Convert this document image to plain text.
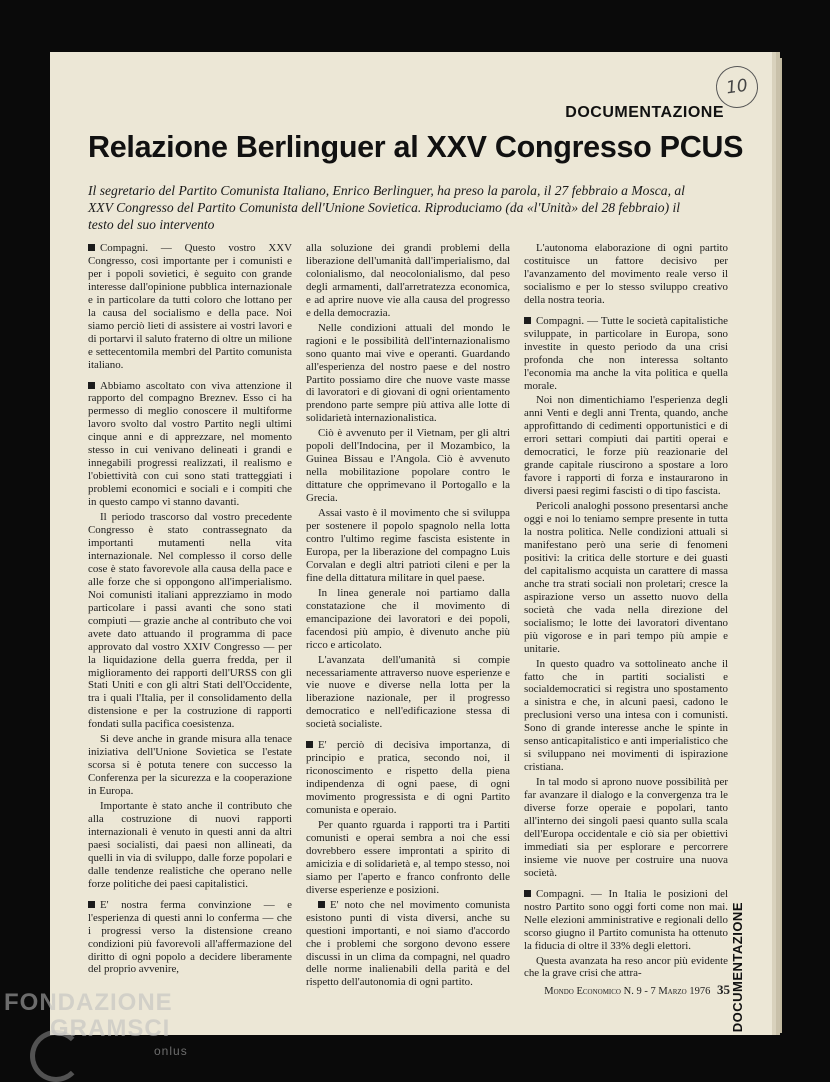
10
DOCUMENTAZIONE
Relazione Berlinguer al XXV Congresso PCUS
Il segretario del Partito Comunista Italiano, Enrico Berlinguer, ha preso la parola, il 27 febbraio a Mosca, al XXV Congresso del Partito Comunista dell'Unione Sovietica. Riproduciamo (da «l'Unità» del 28 febbraio) il testo del suo intervento

Compagni. — Questo vostro XXV Congresso, così importante per i comunisti e per i popoli sovietici, è seguito con grande interesse dall'opinione pubblica internazionale e in particolare da tutti coloro che lottano per la causa del socialismo e della pace. Noi siamo perciò lieti di assistere ai vostri lavori e di portarvi il saluto fraterno di oltre un milione e settecentomila membri del Partito comunista italiano.

Abbiamo ascoltato con viva attenzione il rapporto del compagno Breznev. Esso ci ha permesso di meglio conoscere il multiforme lavoro svolto dal vostro Partito negli ultimi cinque anni e di apprezzare, nel momento stesso in cui venivano delineati i grandi e innegabili progressi realizzati, il realismo e l'obiettività con cui sono stati tratteggiati i problemi economici e sociali e i compiti che in questo campo vi stanno davanti.

Il periodo trascorso dal vostro precedente Congresso è stato contrassegnato da importanti mutamenti nella vita internazionale. Nel complesso il corso delle cose è stato favorevole alla causa della pace e alle forze che si oppongono all'imperialismo. Noi comunisti italiani apprezziamo in modo particolare i passi avanti che sono stati compiuti — grazie anche al contributo che voi avete dato attuando il programma di pace approvato dal vostro XXIV Congresso — per la liquidazione della guerra fredda, per il miglioramento dei rapporti dell'URSS con gli Stati Uniti e con gli altri Stati dell'Occidente, tra i quali l'Italia, per il consolidamento della distensione e per la costruzione di rapporti fondati sulla pacifica coesistenza.

Si deve anche in grande misura alla tenace iniziativa dell'Unione Sovietica se l'estate scorsa si è potuta tenere con successo la Conferenza per la sicurezza e la cooperazione in Europa.

Importante è stato anche il contributo che alla costruzione di nuovi rapporti internazionali è venuto in questi anni da altri paesi socialisti, dai paesi non allineati, da quelli in via di sviluppo, dalle forze popolari e dalle tendenze realistiche che operano nelle forze politiche dei paesi capitalistici.

E' nostra ferma convinzione — e l'esperienza di questi anni lo conferma — che i progressi verso la distensione creano condizioni più favorevoli all'affermazione del diritto di ogni popolo a decidere liberamente del proprio avvenire,

alla soluzione dei grandi problemi della liberazione dell'umanità dall'imperialismo, dal colonialismo, dal neocolonialismo, dal peso degli armamenti, dall'arretratezza economica, e ad aprire nuove vie alla causa del progresso e della democrazia.

Nelle condizioni attuali del mondo le ragioni e le possibilità dell'internazionalismo sono quanto mai vive e operanti. Guardando all'esperienza del nostro paese e del nostro Partito possiamo dire che nuove vaste masse di lavoratori e di giovani di ogni orientamento prendono parte sempre più attiva alle lotte di solidarietà internazionalistica.

Ciò è avvenuto per il Vietnam, per gli altri popoli dell'Indocina, per il Mozambico, la Guinea Bissau e l'Angola. Ciò è avvenuto nella mobilitazione popolare contro le dittature che opprimevano il Portogallo e la Grecia.

Assai vasto è il movimento che si sviluppa per sostenere il popolo spagnolo nella lotta contro l'ultimo regime fascista esistente in Europa, per la liberazione del compagno Luis Corvalan e degli altri patrioti cileni e per la fine della dittatura militare in quel paese.

In linea generale noi partiamo dalla constatazione che il movimento di emancipazione dei lavoratori e dei popoli, facendosi più ampio, è divenuto anche più ricco e articolato.

L'avanzata dell'umanità si compie necessariamente attraverso nuove esperienze e vie nuove e diverse nella lotta per la liberazione nazionale, per il progresso democratico e nell'edificazione stessa di società socialiste.

E' perciò di decisiva importanza, di principio e pratica, secondo noi, il riconoscimento e rispetto della piena indipendenza di ogni paese, di ogni movimento progressista e di ogni Partito comunista e operaio.

Per quanto rguarda i rapporti tra i Partiti comunisti e operai sembra a noi che essi dovrebbero essere improntati a spirito di amicizia e di solidarietà e, al tempo stesso, noi siamo per l'aperto e franco confronto delle diverse esperienze e posizioni.

E' noto che nel movimento comunista esistono punti di vista diversi, anche su questioni importanti, e noi siamo d'accordo che i problemi che sorgono devono essere discussi in un clima da compagni, nel quadro delle norme inalienabili della parità e del rispetto dell'autonomia di ogni partito.

L'autonoma elaborazione di ogni partito costituisce un fattore decisivo per l'avanzamento del movimento reale verso il socialismo e per lo stesso sviluppo creativo della nostra teoria.

Compagni. — Tutte le società capitalistiche sviluppate, in particolare in Europa, sono investite in questo periodo da una crisi profonda che non interessa soltanto l'economia ma anche la vita politica e quella morale.

Noi non dimentichiamo l'esperienza degli anni Venti e degli anni Trenta, quando, anche approfittando di cedimenti opportunistici e di errori settari compiuti dai partiti operai e democratici, le forze più reazionarie del grande capitale riuscirono a spostare a loro favore i rapporti di forza e instaurarono in diversi paesi regimi fascisti o di tipo fascista.

Pericoli analoghi possono presentarsi anche oggi e noi lo teniamo sempre presente in tutta la nostra politica. Nelle condizioni attuali si manifestano però una serie di fenomeni positivi: la critica delle storture e dei guasti del capitalismo acquista un carattere di massa anche tra strati sociali non proletari; cresce la aspirazione verso un assetto nuovo della società che vada nella direzione del socialismo; le lotte dei lavoratori diventano più vigorose e in pari tempo più ampie e unitarie.

In questo quadro va sottolineato anche il fatto che in partiti socialisti e socialdemocratici si registra uno spostamento a sinistra e che, in alcuni paesi, cadono le preclusioni verso una intesa con i comunisti. Sono di grande interesse anche le spinte in senso anticapitalistico e anti imperialistico che si sviluppano nei movimenti di ispirazione cristiana.

In tal modo si aprono nuove possibilità per far avanzare il dialogo e la convergenza tra le diverse forze operaie e popolari, tanto all'interno dei singoli paesi quanto sulla scala dell'Europa occidentale e ciò sia per obiettivi immediati sia per esplorare e percorrere insieme vie nuove per costruire una nuova società.

Compagni. — In Italia le posizioni del nostro Partito sono oggi forti come non mai. Nelle elezioni amministrative e regionali dello scorso giugno il Partito comunista ha ottenuto la fiducia di oltre il 33% degli elettori.

Questa avanzata ha reso ancor più evidente che la grave crisi che attra-	DOCUMENTAZIONE
Mondo Economico N. 9 - 7 Marzo 1976 35
FONDAZIONE
GRAMSCI
onlus
